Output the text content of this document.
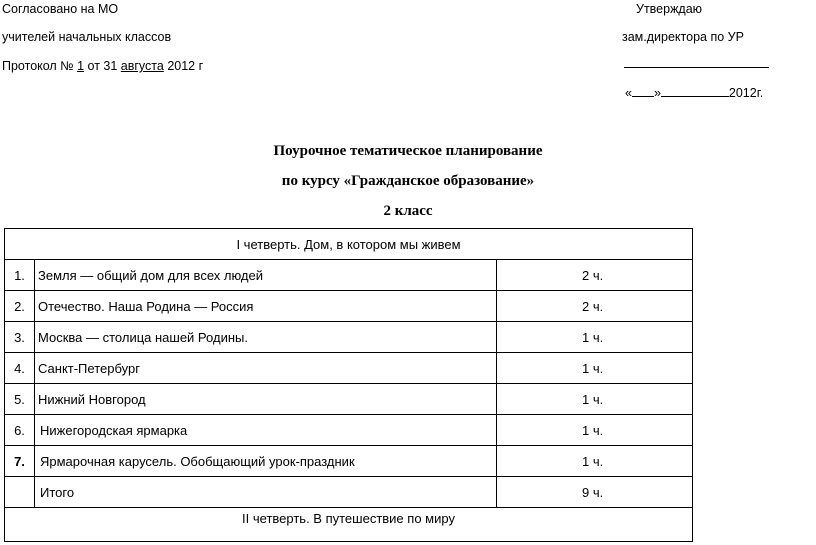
Согласовано на МО
учителей начальных классов
Протокол № 1 от 31 августа 2012 г
Утверждаю
зам.директора по УР
« »	2012г.
Поурочное тематическое планирование
по курсу «Гражданское образование»
2 класс
I четверть. Дом, в котором мы живем		
1.	Земля — общий дом для всех людей	2 ч.
2.	Отечество. Наша Родина — Россия	2 ч.
3.	Москва — столица нашей Родины.	1 ч.
4.	Санкт-Петербург	1 ч.
5.	Нижний Новгород	1 ч.
6.	Нижегородская ярмарка	1 ч.
7.	Ярмарочная карусель. Обобщающий урок-праздник	1 ч.
	Итого	9 ч.
II четверть. В путешествие по миру		
